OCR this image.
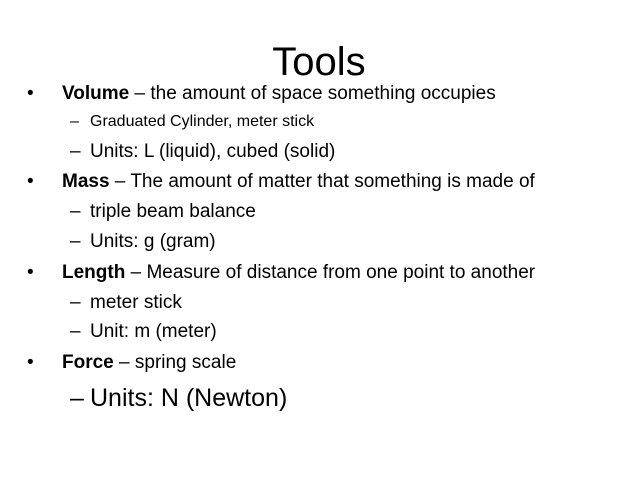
Tools
•	Volume – the amount of space something occupies
– Graduated Cylinder, meter stick
– Units: L (liquid), cubed (solid)
•	Mass – The amount of matter that something is made of
– triple beam balance
– Units: g (gram)
•	Length – Measure of distance from one point to another
– meter stick
– Unit: m (meter)
•	Force – spring scale
– Units: N (Newton)
